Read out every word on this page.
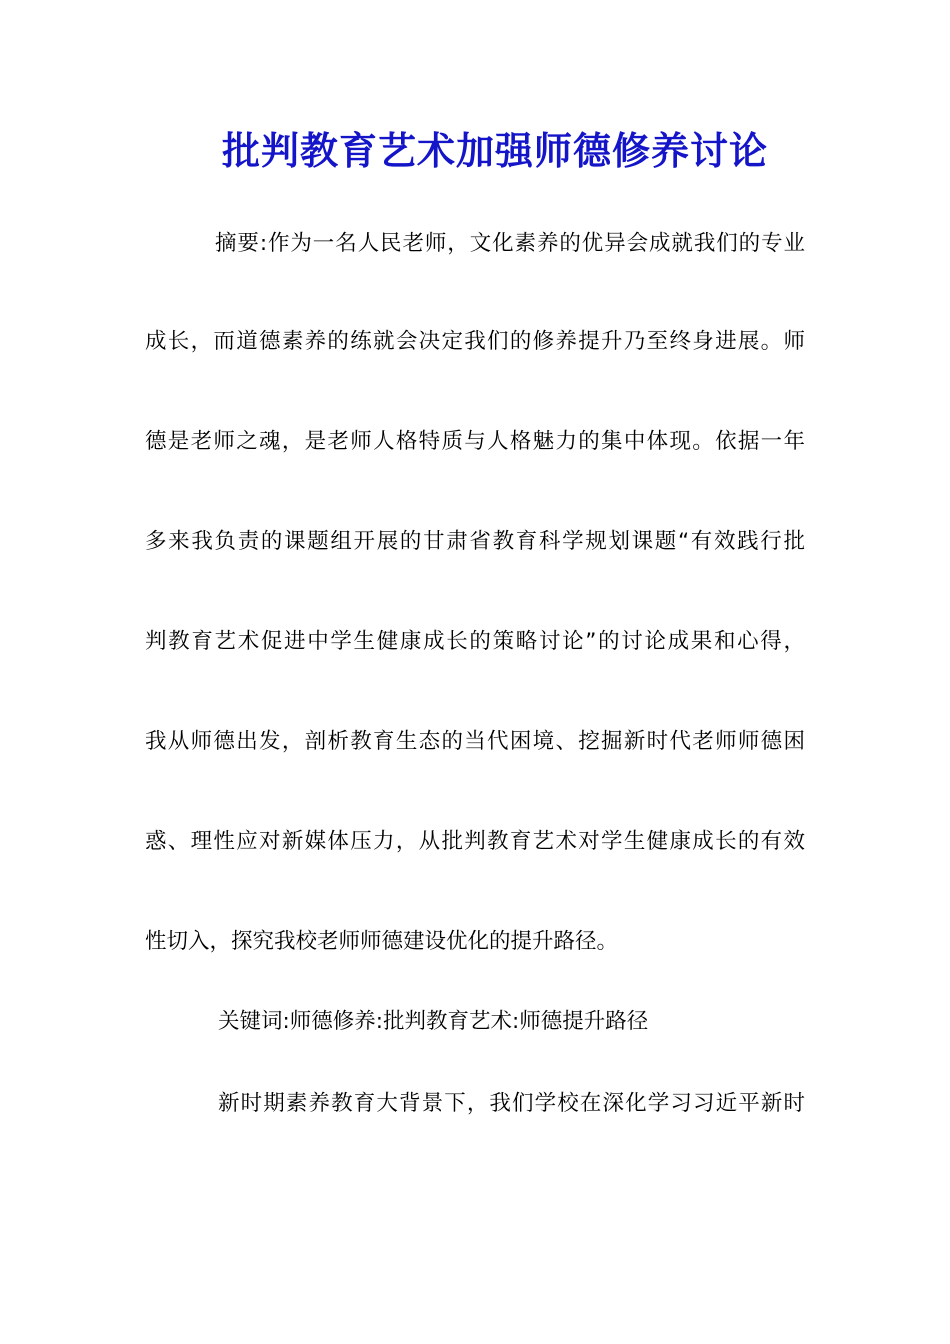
批判教育艺术加强师德修养讨论
摘要:作为一名人民老师，文化素养的优异会成就我们的专业
成长，而道德素养的练就会决定我们的修养提升乃至终身进展。师
德是老师之魂，是老师人格特质与人格魅力的集中体现。依据一年
多来我负责的课题组开展的甘肃省教育科学规划课题“有效践行批
判教育艺术促进中学生健康成长的策略讨论”的讨论成果和心得，
我从师德出发，剖析教育生态的当代困境、挖掘新时代老师师德困
惑、理性应对新媒体压力，从批判教育艺术对学生健康成长的有效
性切入，探究我校老师师德建设优化的提升路径。
关键词:师德修养:批判教育艺术:师德提升路径
新时期素养教育大背景下，我们学校在深化学习习近平新时
